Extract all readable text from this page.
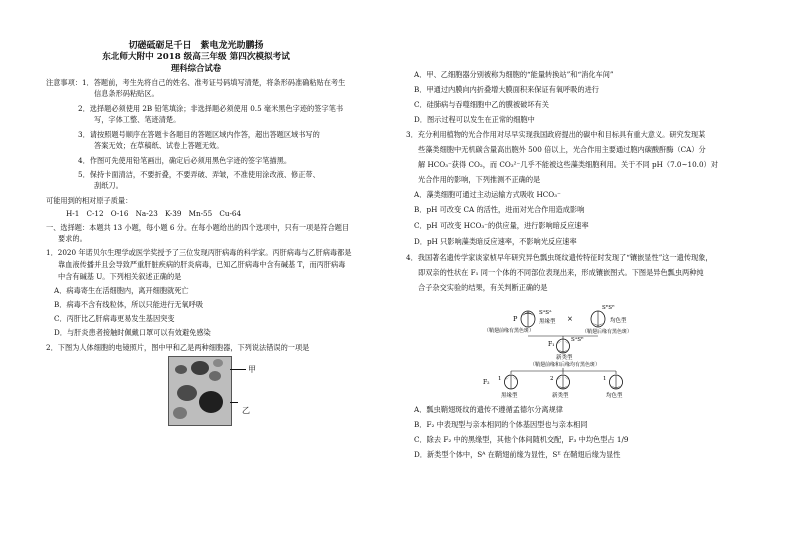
切磋砥砺足千日　紫电龙光助鹏扬
东北师大附中 2018 级高三年级 第四次模拟考试
理科综合试卷
注意事项：1．答题前，考生先将自己的姓名、准考证号码填写清楚，将条形码准确粘贴在考生
信息条形码粘贴区。
2．选择题必须使用 2B 铅笔填涂；非选择题必须使用 0.5 毫米黑色字迹的签字笔书
写，字体工整、笔迹清楚。
3．请按照题号顺序在答题卡各题目的答题区域内作答，超出答题区域书写的
答案无效；在草稿纸、试卷上答题无效。
4．作图可先使用铅笔画出，确定后必须用黑色字迹的签字笔描黑。
5．保持卡面清洁，不要折叠，不要弄破、弄皱，不准使用涂改液、修正带、
刮纸刀。
可能用到的相对原子质量：
H-1　C-12　O-16　Na-23　K-39　Mn-55　Cu-64
一、选择题：本题共 13 小题，每小题 6 分。在每小题给出的四个选项中，只有一项是符合题目
要求的。
1．2020 年诺贝尔生理学或医学奖授予了三位发现丙肝病毒的科学家。丙肝病毒与乙肝病毒都是
靠血液传播并且会导致严重肝脏疾病的肝炎病毒，已知乙肝病毒中含有碱基 T，而丙肝病毒
中含有碱基 U。下列相关叙述正确的是
A．病毒寄生在活细胞内，离开细胞就死亡
B．病毒不含有线粒体，所以只能进行无氧呼吸
C．丙肝比乙肝病毒更易发生基因突变
D．与肝炎患者接触时佩戴口罩可以有效避免感染
2．下图为人体细胞的电镜照片，图中甲和乙是两种细胞器，下列说法错误的一项是
甲
乙
A．甲、乙细胞器分别被称为细胞的“能量转换站”和“消化车间”
B．甲通过内膜向内折叠增大膜面积来保证有氧呼吸的进行
C．硅肺病与吞噬细胞中乙的膜被破坏有关
D．图示过程可以发生在正常的细胞中
3．充分利用植物的光合作用对尽早实现我国政府提出的碳中和目标具有重大意义。研究发现某
些藻类细胞中无机碳含量高出胞外 500 倍以上，光合作用主要通过胞内碳酸酐酶（CA）分
解 HCO₃⁻获得 CO₂，而 CO₃²⁻几乎不能被这些藻类细胞利用。关于不同 pH（7.0~10.0）对
光合作用的影响，下列推测不正确的是
A．藻类细胞可通过主动运输方式吸收 HCO₃⁻
B．pH 可改变 CA 的活性，进而对光合作用造成影响
C．pH 可改变 HCO₃⁻的供应量，进行影响暗反应速率
D．pH 只影响藻类暗反应速率，不影响光反应速率
4．我国著名遗传学家谈家桢早年研究异色瓢虫斑纹遗传特征时发现了“镶嵌显性”这一遗传现象，
即双亲的性状在 F₁ 同一个体的不同部位表现出来，形成镶嵌图式。下图是异色瓢虫两种纯
合子杂交实验的结果，有关判断正确的是
P
SᴬSᴬ
黑缘型
（鞘翅前缘有黑色斑）
×
SᴱSᴱ
均色型
（鞘翅后缘有黑色斑）
F₁
SᴬSᴱ
新类型
（鞘翅前缘和后缘均有黑色斑）
F₂ 1	2	1
黑缘型	新类型	均色型
A．瓢虫鞘翅斑纹的遗传不遵循孟德尔分离规律
B．F₂ 中表现型与亲本相同的个体基因型也与亲本相同
C．除去 F₂ 中的黑缘型，其他个体间随机交配，F₃ 中均色型占 1/9
D．新类型个体中，Sᴬ 在鞘翅前缘为显性，Sᴱ 在鞘翅后缘为显性
